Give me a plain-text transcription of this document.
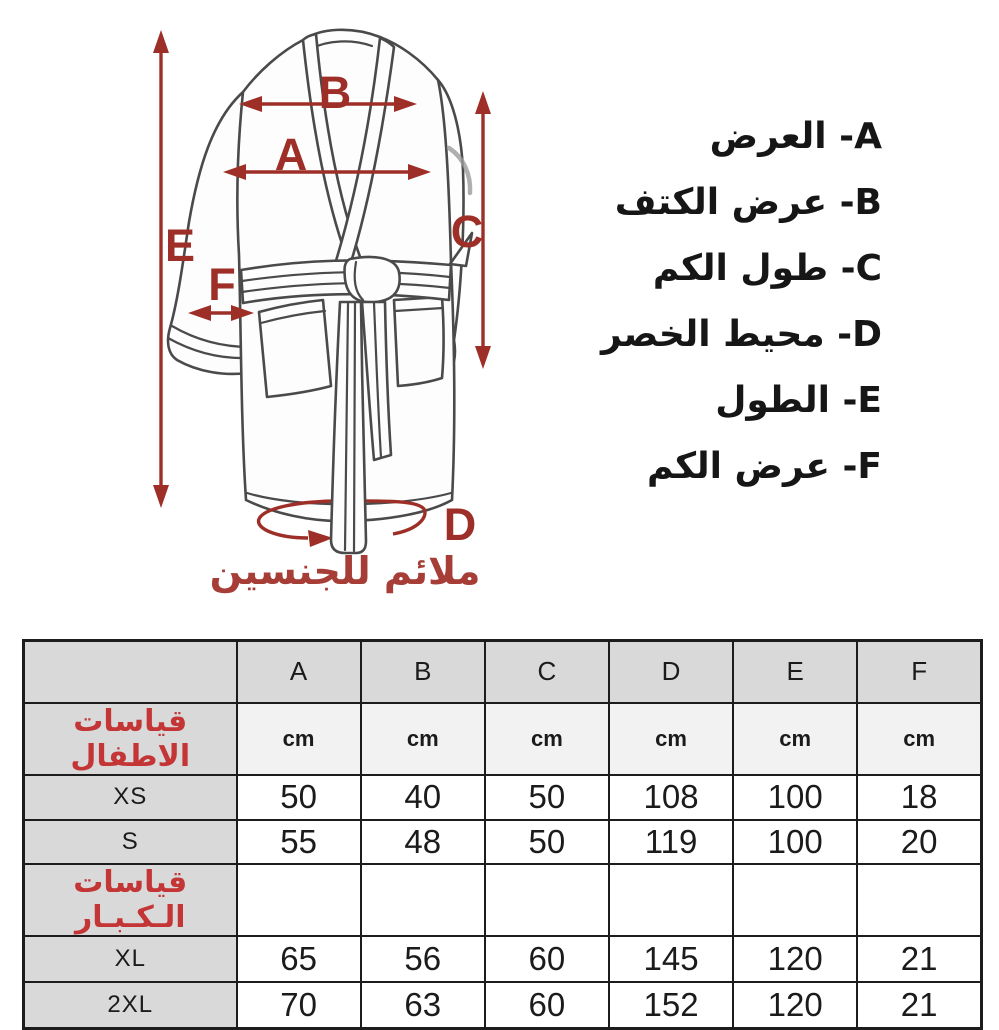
A
B
C
D
E
F
ملائم للجنسين
A- العرض
B- عرض الكتف
C- طول الكم
D- محيط الخصر
E- الطول
F- عرض الكم
	A	B	C	D	E	F
قياسات الاطفال	cm	cm	cm	cm	cm	cm
XS	50	40	50	108	100	18
S	55	48	50	119	100	20
قياسات الـكـبـار						
XL	65	56	60	145	120	21
2XL	70	63	60	152	120	21
